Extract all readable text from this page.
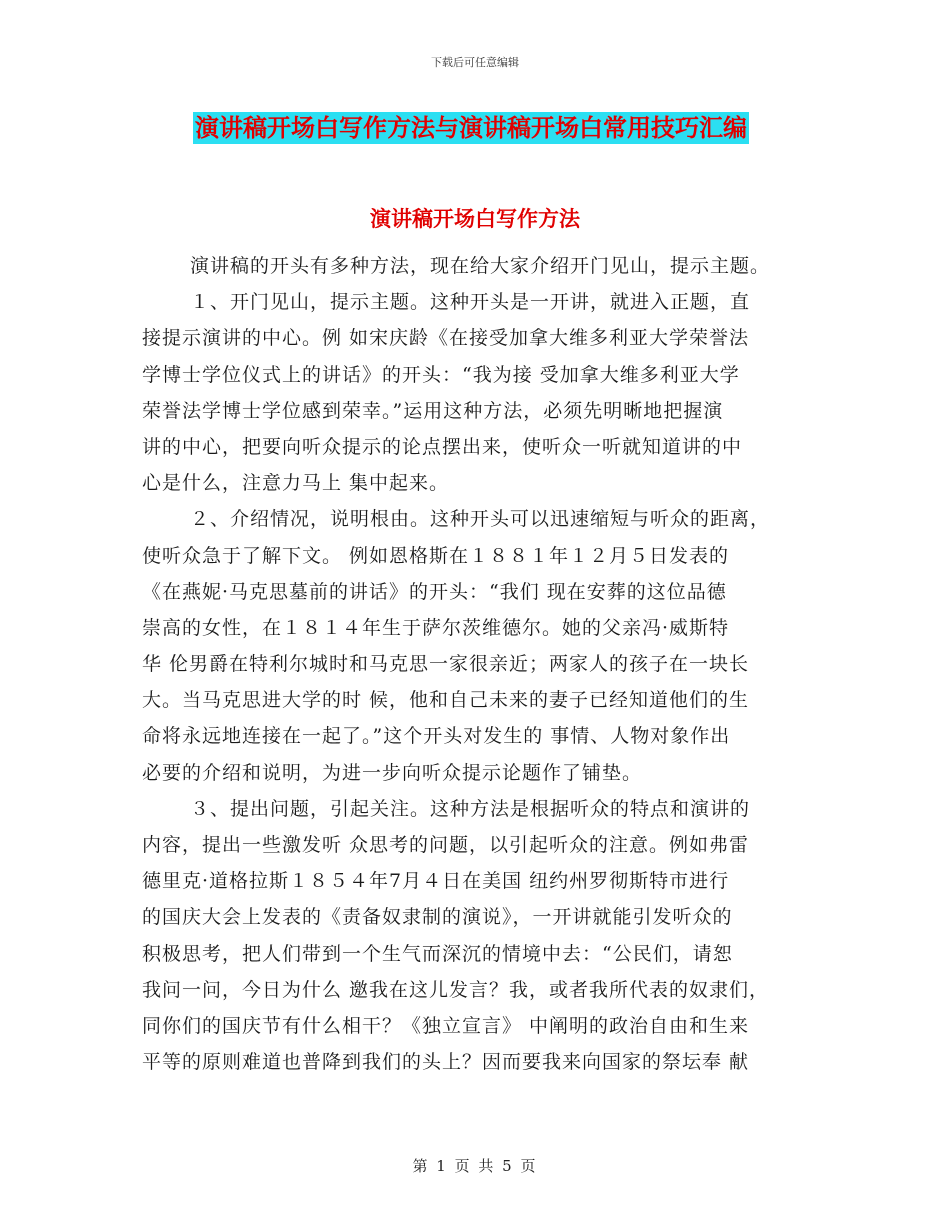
下载后可任意编辑
演讲稿开场白写作方法与演讲稿开场白常用技巧汇编
演讲稿开场白写作方法
演讲稿的开头有多种方法，现在给大家介绍开门见山，提示主题。
１、开门见山，提示主题。这种开头是一开讲，就进入正题，直
接提示演讲的中心。例 如宋庆龄《在接受加拿大维多利亚大学荣誉法
学博士学位仪式上的讲话》的开头：“我为接 受加拿大维多利亚大学
荣誉法学博士学位感到荣幸。”运用这种方法，必须先明晰地把握演
讲的中心，把要向听众提示的论点摆出来，使听众一听就知道讲的中
心是什么，注意力马上 集中起来。
２、介绍情况，说明根由。这种开头可以迅速缩短与听众的距离，
使听众急于了解下文。 例如恩格斯在１８８１年１２月５日发表的
《在燕妮·马克思墓前的讲话》的开头：“我们 现在安葬的这位品德
崇高的女性，在１８１４年生于萨尔茨维德尔。她的父亲冯·威斯特
华 伦男爵在特利尔城时和马克思一家很亲近；两家人的孩子在一块长
大。当马克思进大学的时 候，他和自己未来的妻子已经知道他们的生
命将永远地连接在一起了。”这个开头对发生的 事情、人物对象作出
必要的介绍和说明，为进一步向听众提示论题作了铺垫。
３、提出问题，引起关注。这种方法是根据听众的特点和演讲的
内容，提出一些激发听 众思考的问题，以引起听众的注意。例如弗雷
德里克·道格拉斯１８５４年7月４日在美国 纽约州罗彻斯特市进行
的国庆大会上发表的《责备奴隶制的演说》，一开讲就能引发听众的
积极思考，把人们带到一个生气而深沉的情境中去：“公民们，请恕
我问一问，今日为什么 邀我在这儿发言？我，或者我所代表的奴隶们，
同你们的国庆节有什么相干？《独立宣言》 中阐明的政治自由和生来
平等的原则难道也普降到我们的头上？因而要我来向国家的祭坛奉 献
第 1 页 共 5 页
